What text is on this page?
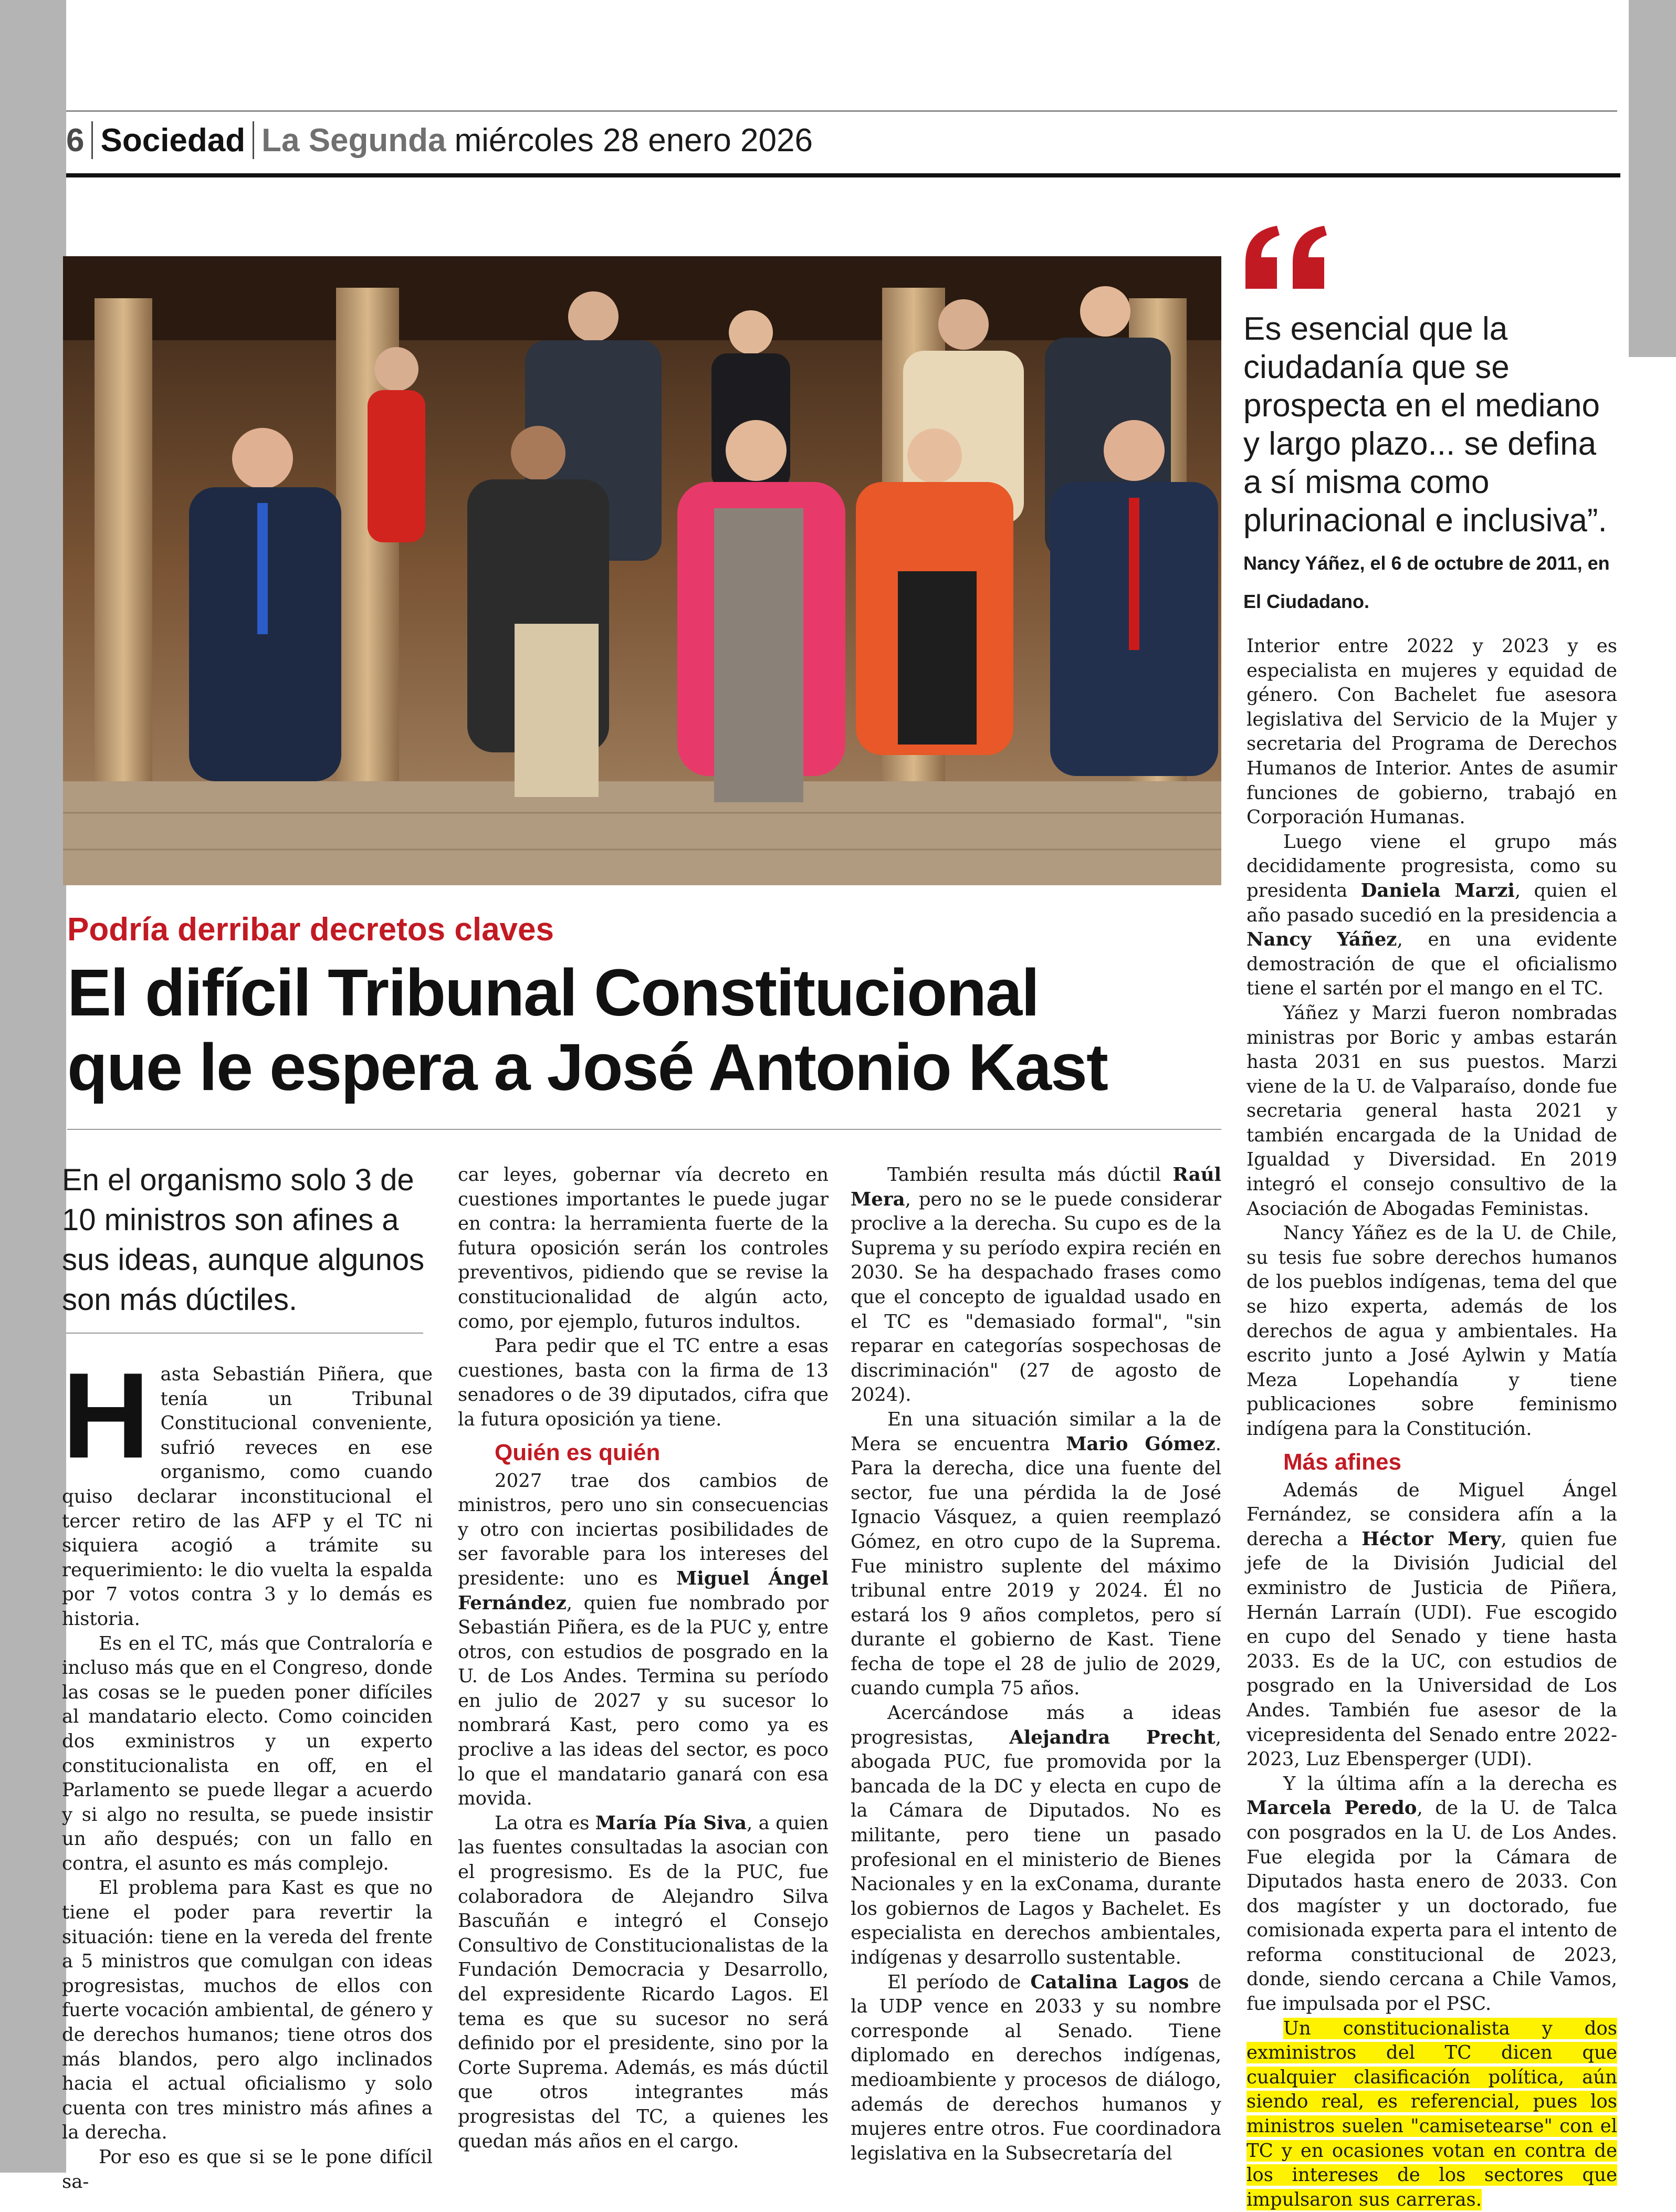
6 Sociedad La Segunda miércoles 28 enero 2026
Es esencial que la ciudadanía que se prospecta en el mediano y largo plazo... se defina a sí misma como plurinacional e inclusiva”. Nancy Yáñez, el 6 de octubre de 2011, en El Ciudadano.
Podría derribar decretos claves
El difícil Tribunal Constitucional
que le espera a José Antonio Kast
En el organismo solo 3 de 10 ministros son afines a sus ideas, aunque algunos son más dúctiles.

Hasta Sebastián Piñera, que tenía un Tribunal Constitucional conveniente, sufrió reveces en ese organismo, como cuando quiso declarar inconstitucional el tercer retiro de las AFP y el TC ni siquiera acogió a trámite su requerimiento: le dio vuelta la espalda por 7 votos contra 3 y lo demás es historia.

Es en el TC, más que Contraloría e incluso más que en el Congreso, donde las cosas se le pueden poner difíciles al mandatario electo. Como coinciden dos exministros y un experto constitucionalista en off, en el Parlamento se puede llegar a acuerdo y si algo no resulta, se puede insistir un año después; con un fallo en contra, el asunto es más complejo.

El problema para Kast es que no tiene el poder para revertir la situación: tiene en la vereda del frente a 5 ministros que comulgan con ideas progresistas, muchos de ellos con fuerte vocación ambiental, de género y de derechos humanos; tiene otros dos más blandos, pero algo inclinados hacia el actual oficialismo y solo cuenta con tres ministro más afines a la derecha.

Por eso es que si se le pone difícil sa-

car leyes, gobernar vía decreto en cuestiones importantes le puede jugar en contra: la herramienta fuerte de la futura oposición serán los controles preventivos, pidiendo que se revise la constitucionalidad de algún acto, como, por ejemplo, futuros indultos.

Para pedir que el TC entre a esas cuestiones, basta con la firma de 13 senadores o de 39 diputados, cifra que la futura oposición ya tiene.

Quién es quién

2027 trae dos cambios de ministros, pero uno sin consecuencias y otro con inciertas posibilidades de ser favorable para los intereses del presidente: uno es Miguel Ángel Fernández, quien fue nombrado por Sebastián Piñera, es de la PUC y, entre otros, con estudios de posgrado en la U. de Los Andes. Termina su período en julio de 2027 y su sucesor lo nombrará Kast, pero como ya es proclive a las ideas del sector, es poco lo que el mandatario ganará con esa movida.

La otra es María Pía Siva, a quien las fuentes consultadas la asocian con el progresismo. Es de la PUC, fue colaboradora de Alejandro Silva Bascuñán e integró el Consejo Consultivo de Constitucionalistas de la Fundación Democracia y Desarrollo, del expresidente Ricardo Lagos. El tema es que su sucesor no será definido por el presidente, sino por la Corte Suprema. Además, es más dúctil que otros integrantes más progresistas del TC, a quienes les quedan más años en el cargo.

También resulta más dúctil Raúl Mera, pero no se le puede considerar proclive a la derecha. Su cupo es de la Suprema y su período expira recién en 2030. Se ha despachado frases como que el concepto de igualdad usado en el TC es "demasiado formal", "sin reparar en categorías sospechosas de discriminación" (27 de agosto de 2024).

En una situación similar a la de Mera se encuentra Mario Gómez. Para la derecha, dice una fuente del sector, fue una pérdida la de José Ignacio Vásquez, a quien reemplazó Gómez, en otro cupo de la Suprema. Fue ministro suplente del máximo tribunal entre 2019 y 2024. Él no estará los 9 años completos, pero sí durante el gobierno de Kast. Tiene fecha de tope el 28 de julio de 2029, cuando cumpla 75 años.

Acercándose más a ideas progresistas, Alejandra Precht, abogada PUC, fue promovida por la bancada de la DC y electa en cupo de la Cámara de Diputados. No es militante, pero tiene un pasado profesional en el ministerio de Bienes Nacionales y en la exConama, durante los gobiernos de Lagos y Bachelet. Es especialista en derechos ambientales, indígenas y desarrollo sustentable.

El período de Catalina Lagos de la UDP vence en 2033 y su nombre corresponde al Senado. Tiene diplomado en derechos indígenas, medioambiente y procesos de diálogo, además de derechos humanos y mujeres entre otros. Fue coordinadora legislativa en la Subsecretaría del

Interior entre 2022 y 2023 y es especialista en mujeres y equidad de género. Con Bachelet fue asesora legislativa del Servicio de la Mujer y secretaria del Programa de Derechos Humanos de Interior. Antes de asumir funciones de gobierno, trabajó en Corporación Humanas.

Luego viene el grupo más decididamente progresista, como su presidenta Daniela Marzi, quien el año pasado sucedió en la presidencia a Nancy Yáñez, en una evidente demostración de que el oficialismo tiene el sartén por el mango en el TC.

Yáñez y Marzi fueron nombradas ministras por Boric y ambas estarán hasta 2031 en sus puestos. Marzi viene de la U. de Valparaíso, donde fue secretaria general hasta 2021 y también encargada de la Unidad de Igualdad y Diversidad. En 2019 integró el consejo consultivo de la Asociación de Abogadas Feministas.

Nancy Yáñez es de la U. de Chile, su tesis fue sobre derechos humanos de los pueblos indígenas, tema del que se hizo experta, además de los derechos de agua y ambientales. Ha escrito junto a José Aylwin y Matía Meza Lopehandía y tiene publicaciones sobre feminismo indígena para la Constitución.

Más afines

Además de Miguel Ángel Fernández, se considera afín a la derecha a Héctor Mery, quien fue jefe de la División Judicial del exministro de Justicia de Piñera, Hernán Larraín (UDI). Fue escogido en cupo del Senado y tiene hasta 2033. Es de la UC, con estudios de posgrado en la Universidad de Los Andes. También fue asesor de la vicepresidenta del Senado entre 2022-2023, Luz Ebensperger (UDI).

Y la última afín a la derecha es Marcela Peredo, de la U. de Talca con posgrados en la U. de Los Andes. Fue elegida por la Cámara de Diputados hasta enero de 2033. Con dos magíster y un doctorado, fue comisionada experta para el intento de reforma constitucional de 2023, donde, siendo cercana a Chile Vamos, fue impulsada por el PSC.

Un constitucionalista y dos exministros del TC dicen que cualquier clasificación política, aún siendo real, es referencial, pues los ministros suelen "camisetearse" con el TC y en ocasiones votan en contra de los intereses de los sectores que impulsaron sus carreras.
